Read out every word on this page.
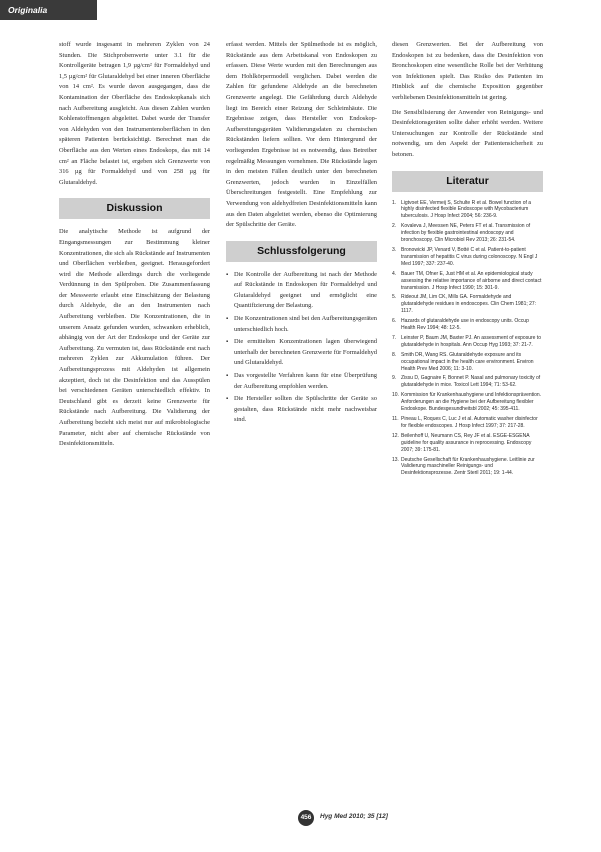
Originalia

stoff wurde insgesamt in mehreren Zyklen von 24 Stunden. Die Stichprobenwerte unter 3.1 für die Kontrollgeräte betragen 1,9 µg/cm² für Formaldehyd und 1,5 µg/cm² für Glutaraldehyd bei einer inneren Oberfläche von 14 cm². Es wurde davon ausgegangen, dass die Kontamination der Oberfläche des Endoskopkanals sich nach Aufbereitung ausgleicht. Aus diesen Zahlen wurden Kohlenstoffmengen abgeleitet. Dabei wurde der Transfer von Aldehyden von den Instrumentenoberflächen in den späteren Patienten berücksichtigt. Berechnet man die Oberfläche aus den Werten eines Endoskops, das mit 14 cm² an Fläche belastet ist, ergeben sich Grenzwerte von 316 µg für Formaldehyd und von 258 µg für Glutaraldehyd.

Diskussion

Die analytische Methode ist aufgrund der Eingangsmessungen zur Bestimmung kleiner Konzentrationen, die sich als Rückstände auf Instrumenten und Oberflächen verbleiben, geeignet. Herausgefordert wird die Methode allerdings durch die vorliegende Verdünnung in den Spülproben. Die Zusammenfassung der Messwerte erlaubt eine Einschätzung der Belastung durch Aldehyde, die an den Instrumenten nach Aufbereitung verbleiben. Die Konzentrationen, die in unserem Ansatz gefunden wurden, schwanken erheblich, abhängig von der Art der Endoskope und der Geräte zur Aufbereitung. Zu vermuten ist, dass Rückstände erst nach mehreren Zyklen zur Akkumulation führen. Der Aufbereitungsprozess mit Aldehyden ist allgemein akzeptiert, doch ist die Desinfektion und das Ausspülen bei verschiedenen Geräten unterschiedlich effektiv. In Deutschland gibt es derzeit keine Grenzwerte für Rückstände nach Aufbereitung. Die Validierung der Aufbereitung bezieht sich meist nur auf mikrobiologische Parameter, nicht aber auf chemische Rückstände von Desinfektionsmitteln.

erfasst werden. Mittels der Spülmethode ist es möglich, Rückstände aus dem Arbeitskanal von Endoskopen zu erfassen. Diese Werte wurden mit den Berechnungen aus dem Hohlkörpermodell verglichen. Dabei werden die Zahlen für gefundene Aldehyde an die berechneten Grenzwerte angelegt. Die Gefährdung durch Aldehyde liegt im Bereich einer Reizung der Schleimhäute. Die Ergebnisse zeigen, dass Hersteller von Endoskop-Aufbereitungsgeräten Validierungsdaten zu chemischen Rückständen liefern sollten. Vor dem Hintergrund der vorliegenden Ergebnisse ist es notwendig, dass Betreiber regelmäßig Messungen vornehmen. Die Rückstände lagen in den meisten Fällen deutlich unter den berechneten Grenzwerten, jedoch wurden in Einzelfällen Überschreitungen festgestellt. Eine Empfehlung zur Verwendung von aldehydfreien Desinfektionsmitteln kann aus den Daten abgeleitet werden, ebenso die Optimierung der Spülschritte der Geräte.

Schlussfolgerung
▪ Die Kontrolle der Aufbereitung ist nach der Methode auf Rückstände in Endoskopen für Formaldehyd und Glutaraldehyd geeignet und ermöglicht eine Quantifizierung der Belastung.
▪ Die Konzentrationen sind bei den Aufbereitungsgeräten unterschiedlich hoch.
▪ Die ermittelten Konzentrationen lagen überwiegend unterhalb der berechneten Grenzwerte für Formaldehyd und Glutaraldehyd.
▪ Das vorgestellte Verfahren kann für eine Überprüfung der Aufbereitung empfohlen werden.
▪ Die Hersteller sollten die Spülschritte der Geräte so gestalten, dass Rückstände nicht mehr nachweisbar sind.

diesen Grenzwerten. Bei der Aufbereitung von Endoskopen ist zu bedenken, dass die Desinfektion von Bronchoskopen eine wesentliche Rolle bei der Verhütung von Infektionen spielt. Das Risiko des Patienten im Hinblick auf die chemische Exposition gegenüber verbliebenen Desinfektionsmitteln ist gering.

Die Sensibilisierung der Anwender von Reinigungs- und Desinfektionsgeräten sollte daher erhöht werden. Weitere Untersuchungen zur Kontrolle der Rückstände sind notwendig, um den Aspekt der Patientensicherheit zu betonen.

Literatur
1. Ligtvoet EE, Vermeij S, Schulte R et al. Bowel function of a highly disinfected flexible Endoscope with Mycobacterium tuberculosis. J Hosp Infect 2004; 56: 236-9.
2. Kovaleva J, Meessen NE, Peters FT et al. Transmission of infection by flexible gastrointestinal endoscopy and bronchoscopy. Clin Microbiol Rev 2013; 26: 231-54.
3. Bronowicki JP, Venard V, Botté C et al. Patient-to-patient transmission of hepatitis C virus during colonoscopy. N Engl J Med 1997; 337: 237-40.
4. Bauer TM, Ofner E, Just HM et al. An epidemiological study assessing the relative importance of airborne and direct contact transmission. J Hosp Infect 1990; 15: 301-9.
5. Rideout JM, Lim CK, Mills GA. Formaldehyde and glutaraldehyde residues in endoscopes. Clin Chem 1981; 27: 1117.
6. Hazards of glutaraldehyde use in endoscopy units. Occup Health Rev 1994; 48: 12-5.
7. Leinster P, Baum JM, Baxter PJ. An assessment of exposure to glutaraldehyde in hospitals. Ann Occup Hyg 1993; 37: 21-7.
8. Smith DR, Wang RS. Glutaraldehyde exposure and its occupational impact in the health care environment. Environ Health Prev Med 2006; 11: 3-10.
9. Zissu D, Gagnaire F, Bonnet P. Nasal and pulmonary toxicity of glutaraldehyde in mice. Toxicol Lett 1994; 71: 53-62.
10. Kommission für Krankenhaushygiene und Infektionsprävention. Anforderungen an die Hygiene bei der Aufbereitung flexibler Endoskope. Bundesgesundheitsbl 2002; 45: 395-411.
11. Pineau L, Roques C, Luc J et al. Automatic washer disinfector for flexible endoscopes. J Hosp Infect 1997; 37: 217-28.
12. Beilenhoff U, Neumann CS, Rey JF et al. ESGE-ESGENA guideline for quality assurance in reprocessing. Endoscopy 2007; 39: 175-81.
13. Deutsche Gesellschaft für Krankenhaushygiene. Leitlinie zur Validierung maschineller Reinigungs- und Desinfektionsprozesse. Zentr Steril 2011; 19: 1-44.
456	Hyg Med 2010; 35 [12]
